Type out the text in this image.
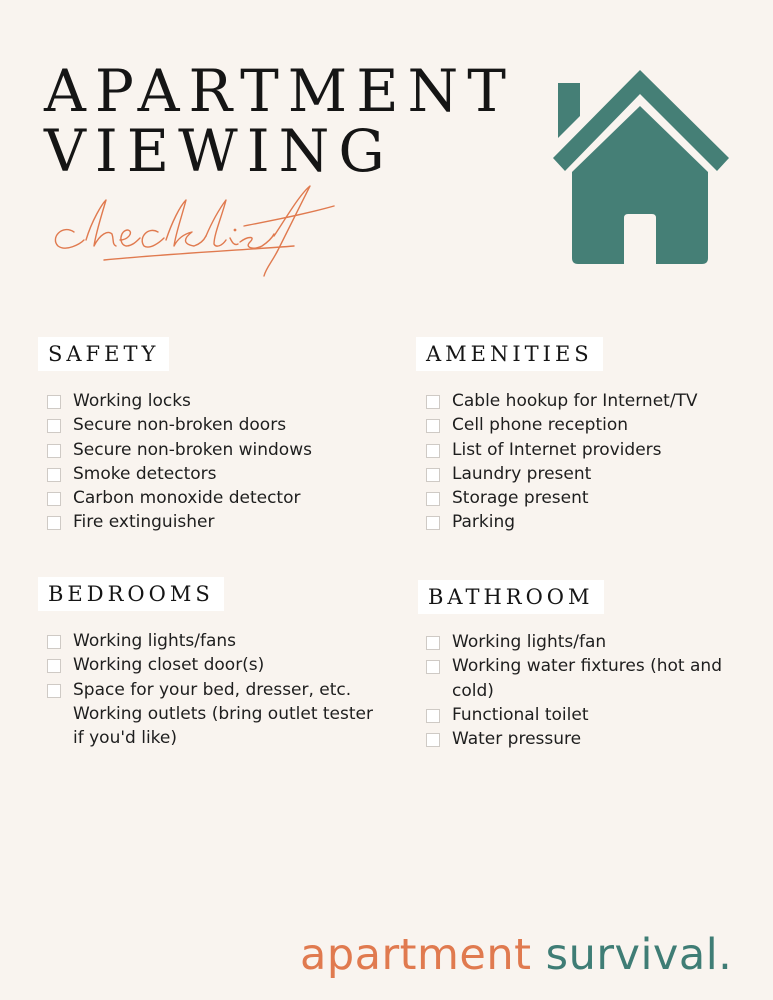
APARTMENT
VIEWING
SAFETY
Working locks
Secure non-broken doors
Secure non-broken windows
Smoke detectors
Carbon monoxide detector
Fire extinguisher
AMENITIES
Cable hookup for Internet/TV
Cell phone reception
List of Internet providers
Laundry present
Storage present
Parking
BEDROOMS
Working lights/fans
Working closet door(s)
Space for your bed, dresser, etc.
Working outlets (bring outlet tester if you'd like)
BATHROOM
Working lights/fan
Working water fixtures (hot and cold)
Functional toilet
Water pressure
apartment survival.
